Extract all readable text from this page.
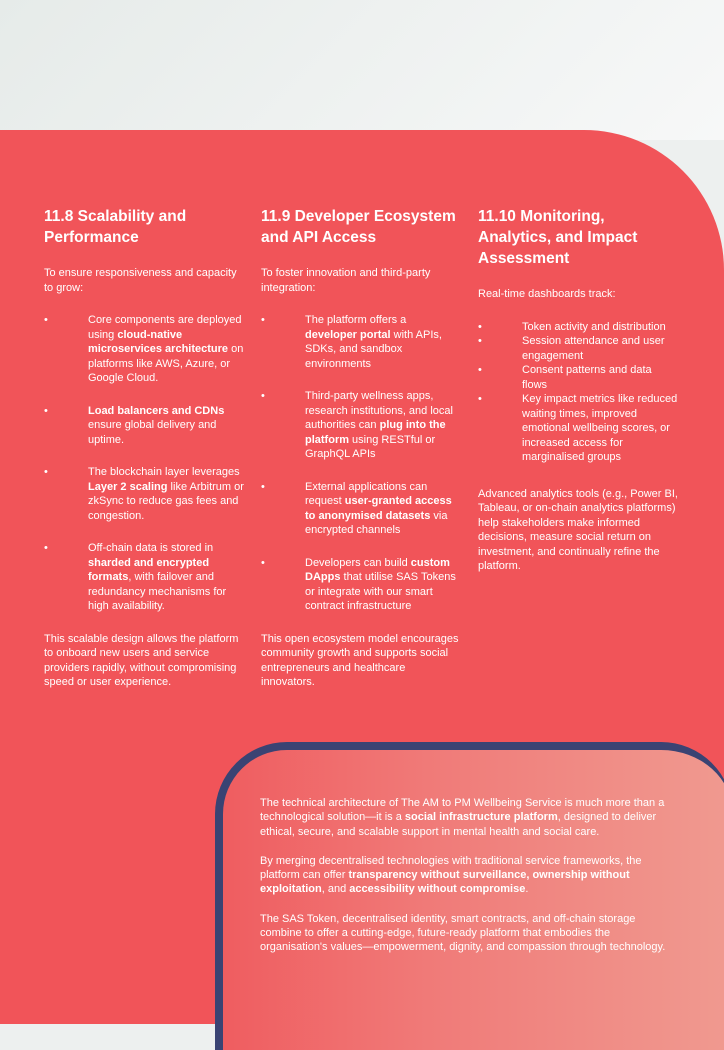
11.8 Scalability and Performance

To ensure responsiveness and capacity to grow:

•	Core components are deployed using cloud-native microservices architecture on platforms like AWS, Azure, or Google Cloud.
•	Load balancers and CDNs ensure global delivery and uptime.
•	The blockchain layer leverages Layer 2 scaling like Arbitrum or zkSync to reduce gas fees and congestion.
•	Off-chain data is stored in sharded and encrypted formats, with failover and redundancy mechanisms for high availability.

This scalable design allows the platform to onboard new users and service providers rapidly, without compromising speed or user experience.

11.9 Developer Ecosystem and API Access

To foster innovation and third-party integration:

•	The platform offers a developer portal with APIs, SDKs, and sandbox environments
•	Third-party wellness apps, research institutions, and local authorities can plug into the platform using RESTful or GraphQL APIs
•	External applications can request user-granted access to anonymised datasets via encrypted channels
•	Developers can build custom DApps that utilise SAS Tokens or integrate with our smart contract infrastructure

This open ecosystem model encourages community growth and supports social entrepreneurs and healthcare innovators.

11.10 Monitoring, Analytics, and Impact Assessment

Real-time dashboards track:

•	Token activity and distribution
•	Session attendance and user engagement
•	Consent patterns and data flows
•	Key impact metrics like reduced waiting times, improved emotional wellbeing scores, or increased access for marginalised groups

Advanced analytics tools (e.g., Power BI, Tableau, or on-chain analytics platforms) help stakeholders make informed decisions, measure social return on investment, and continually refine the platform.

The technical architecture of The AM to PM Wellbeing Service is much more than a technological solution—it is a social infrastructure platform, designed to deliver ethical, secure, and scalable support in mental health and social care.

By merging decentralised technologies with traditional service frameworks, the platform can offer transparency without surveillance, ownership without exploitation, and accessibility without compromise.

The SAS Token, decentralised identity, smart contracts, and off-chain storage combine to offer a cutting-edge, future-ready platform that embodies the organisation's values—empowerment, dignity, and compassion through technology.
